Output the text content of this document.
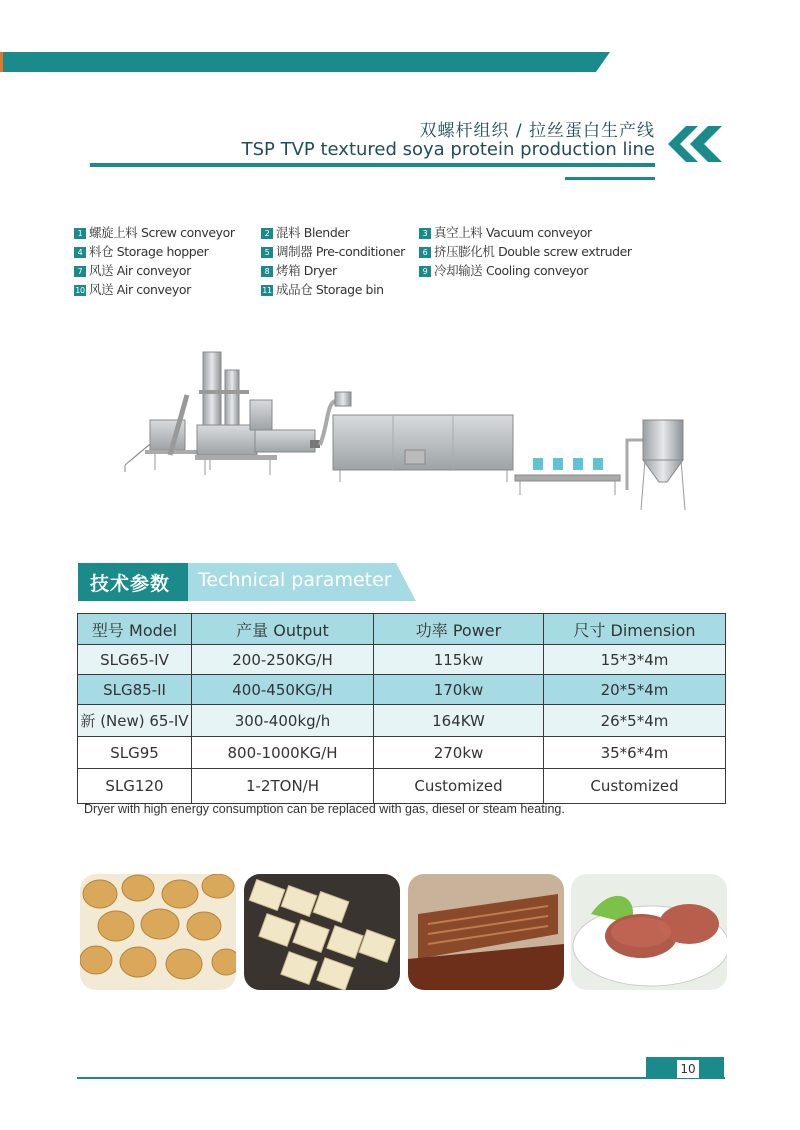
双螺杆组织 / 拉丝蛋白生产线
TSP TVP textured soya protein production line
1 螺旋上料 Screw conveyor	2 混料 Blender	3 真空上料 Vacuum conveyor
4 料仓 Storage hopper	5 调制器 Pre-conditioner	6 挤压膨化机 Double screw extruder
7 风送 Air conveyor	8 烤箱 Dryer	9 冷却输送 Cooling conveyor
10 风送 Air conveyor	11 成品仓 Storage bin
技术参数 Technical parameter
型号 Model	产量 Output	功率 Power	尺寸 Dimension
SLG65-IV	200-250KG/H	115kw	15*3*4m
SLG85-II	400-450KG/H	170kw	20*5*4m
新 (New) 65-IV	300-400kg/h	164KW	26*5*4m
SLG95	800-1000KG/H	270kw	35*6*4m
SLG120	1-2TON/H	Customized	Customized
Dryer with high energy consumption can be replaced with gas, diesel or steam heating.
10
